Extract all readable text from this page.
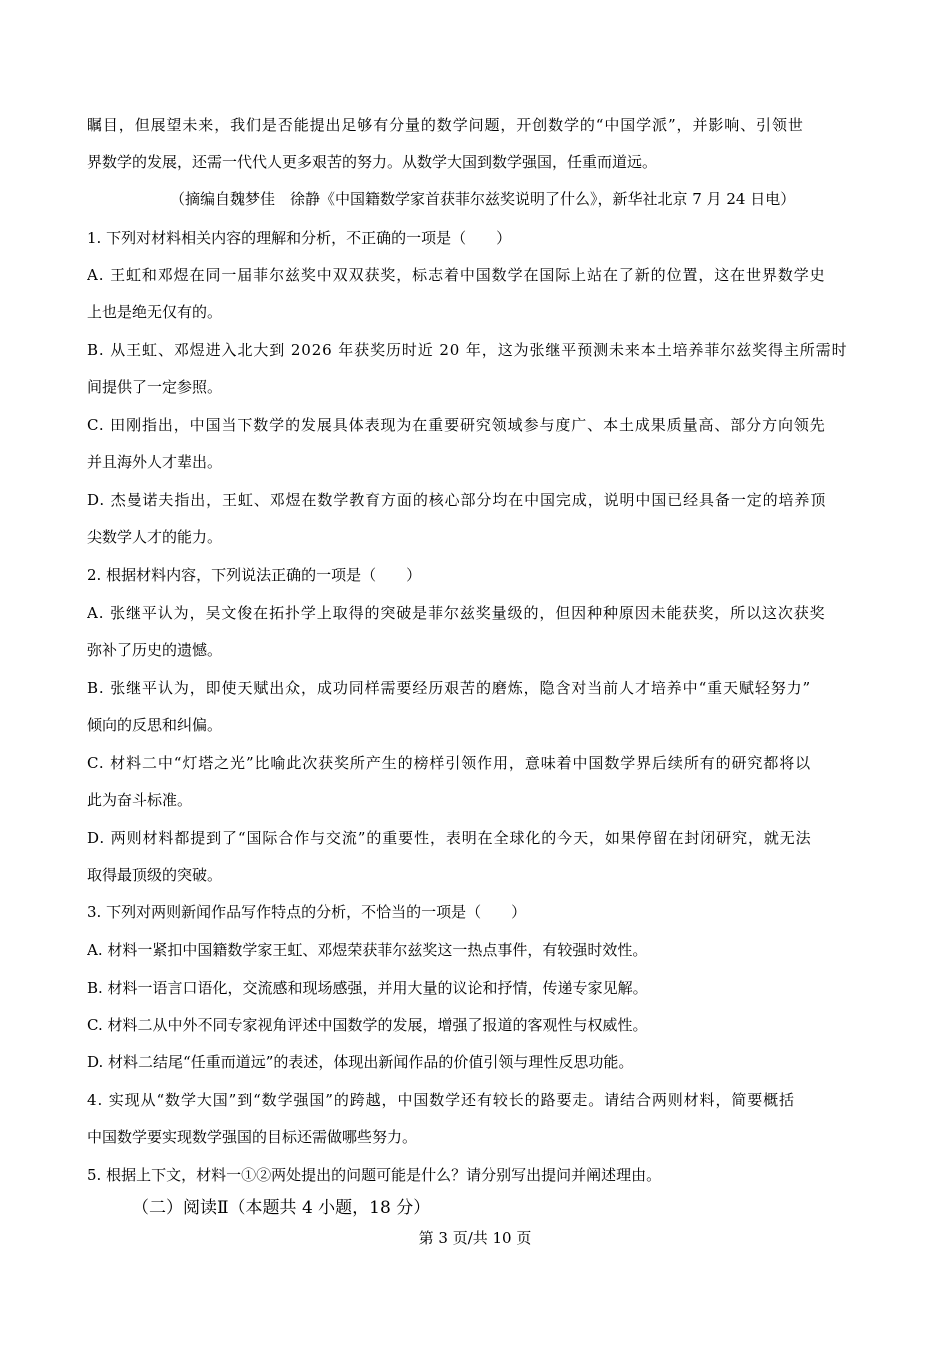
瞩目，但展望未来，我们是否能提出足够有分量的数学问题，开创数学的“中国学派”，并影响、引领世
界数学的发展，还需一代代人更多艰苦的努力。从数学大国到数学强国，任重而道远。
（摘编自魏梦佳　徐静《中国籍数学家首获菲尔兹奖说明了什么》，新华社北京 7 月 24 日电）
1. 下列对材料相关内容的理解和分析，不正确的一项是（　　）
A. 王虹和邓煜在同一届菲尔兹奖中双双获奖，标志着中国数学在国际上站在了新的位置，这在世界数学史
上也是绝无仅有的。
B. 从王虹、邓煜进入北大到 2026 年获奖历时近 20 年，这为张继平预测未来本土培养菲尔兹奖得主所需时
间提供了一定参照。
C. 田刚指出，中国当下数学的发展具体表现为在重要研究领域参与度广、本土成果质量高、部分方向领先
并且海外人才辈出。
D. 杰曼诺夫指出，王虹、邓煜在数学教育方面的核心部分均在中国完成，说明中国已经具备一定的培养顶
尖数学人才的能力。
2. 根据材料内容，下列说法正确的一项是（　　）
A. 张继平认为，吴文俊在拓扑学上取得的突破是菲尔兹奖量级的，但因种种原因未能获奖，所以这次获奖
弥补了历史的遗憾。
B. 张继平认为，即使天赋出众，成功同样需要经历艰苦的磨炼，隐含对当前人才培养中“重天赋轻努力”
倾向的反思和纠偏。
C. 材料二中“灯塔之光”比喻此次获奖所产生的榜样引领作用，意味着中国数学界后续所有的研究都将以
此为奋斗标准。
D. 两则材料都提到了“国际合作与交流”的重要性，表明在全球化的今天，如果停留在封闭研究，就无法
取得最顶级的突破。
3. 下列对两则新闻作品写作特点的分析，不恰当的一项是（　　）
A. 材料一紧扣中国籍数学家王虹、邓煜荣获菲尔兹奖这一热点事件，有较强时效性。
B. 材料一语言口语化，交流感和现场感强，并用大量的议论和抒情，传递专家见解。
C. 材料二从中外不同专家视角评述中国数学的发展，增强了报道的客观性与权威性。
D. 材料二结尾“任重而道远”的表述，体现出新闻作品的价值引领与理性反思功能。
4. 实现从“数学大国”到“数学强国”的跨越，中国数学还有较长的路要走。请结合两则材料，简要概括
中国数学要实现数学强国的目标还需做哪些努力。
5. 根据上下文，材料一①②两处提出的问题可能是什么？请分别写出提问并阐述理由。
（二）阅读Ⅱ（本题共 4 小题，18 分）
第 3 页/共 10 页
